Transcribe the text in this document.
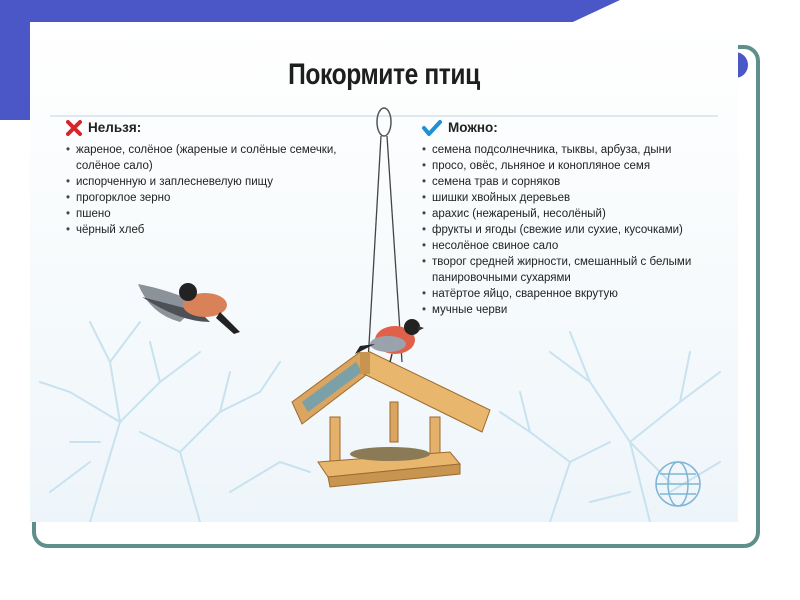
Покормите птиц
Нельзя:
• жареное, солёное (жареные и солёные семечки, солёное сало)
• испорченную и заплесневелую пищу
• прогорклое зерно
• пшено
• чёрный хлеб
Можно:
• семена подсолнечника, тыквы, арбуза, дыни
• просо, овёс, льняное и конопляное семя
• семена трав и сорняков
• шишки хвойных деревьев
• арахис (нежареный, несолёный)
• фрукты и ягоды (свежие или сухие, кусочками)
• несолёное свиное сало
• творог средней жирности, смешанный с белыми панировочными сухарями
• натёртое яйцо, сваренное вкрутую
• мучные черви
